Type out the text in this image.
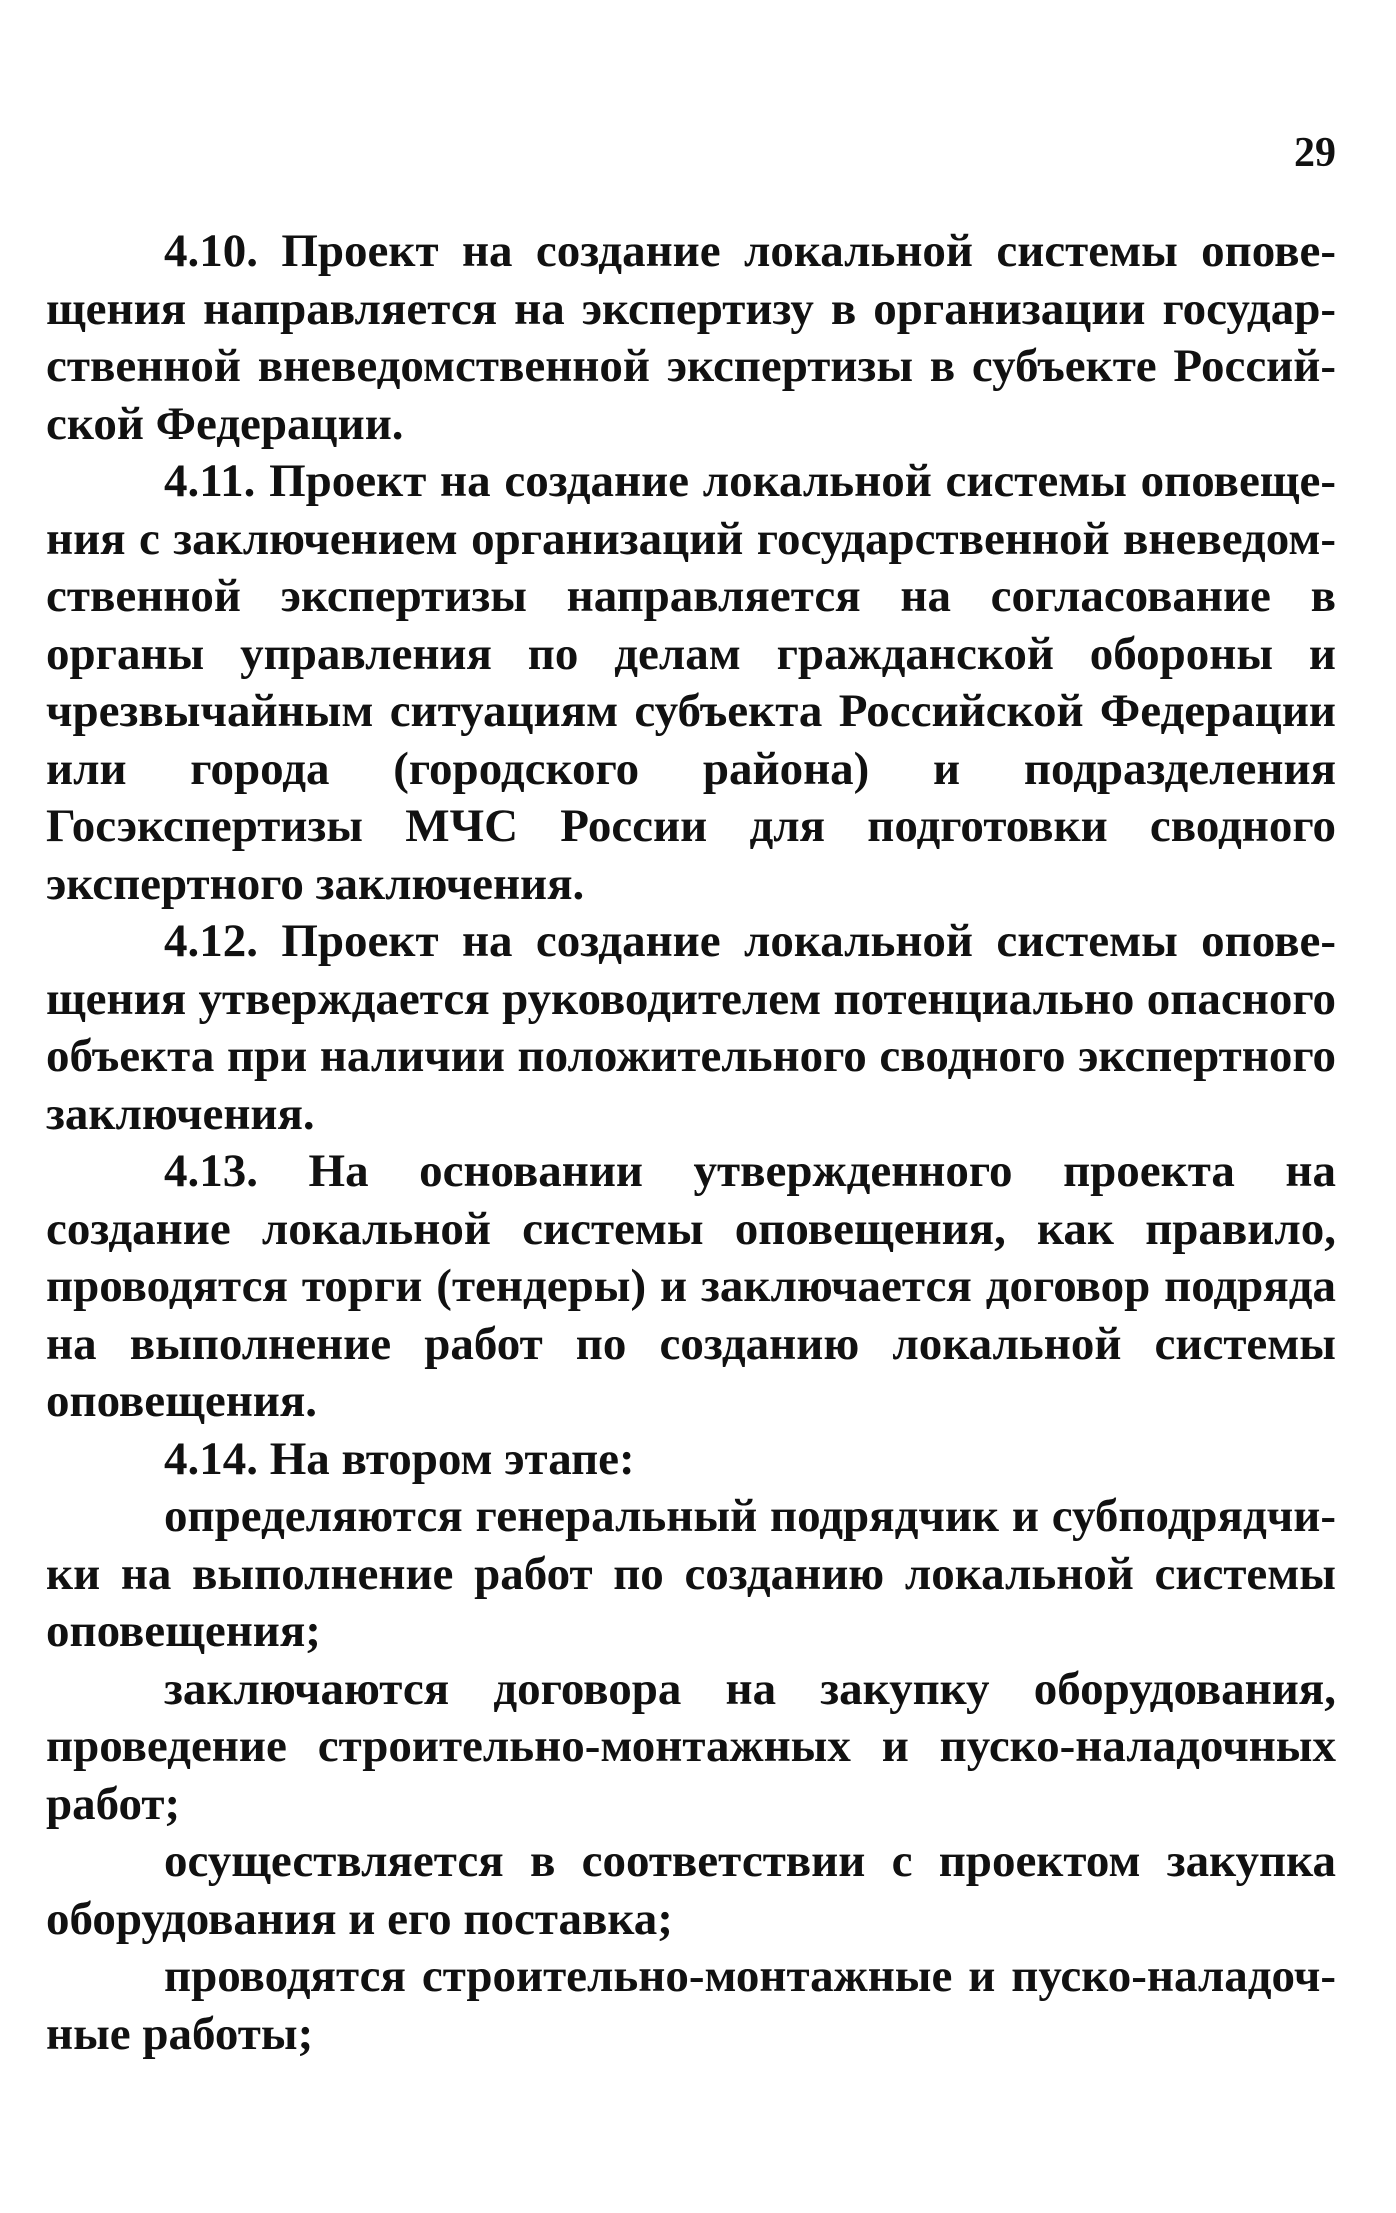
29

4.10. Проект на создание локальной системы оповещения направляется на экспертизу в организации государственной вневедомственной экспертизы в субъекте Российской Федерации.

4.11. Проект на создание локальной системы оповещения с заключением организаций государственной вневедомственной экспертизы направляется на согласование в органы управления по делам гражданской обороны и чрезвычайным ситуациям субъекта Российской Федерации или города (городского района) и подразделения Госэкспертизы МЧС России для подготовки сводного экспертного заключения.

4.12. Проект на создание локальной системы оповещения утверждается руководителем потенциально опасного объекта при наличии положительного сводного экспертного заключения.

4.13. На основании утвержденного проекта на создание локальной системы оповещения, как правило, проводятся торги (тендеры) и заключается договор подряда на выполнение работ по созданию локальной системы оповещения.

4.14. На втором этапе:

определяются генеральный подрядчик и субподрядчики на выполнение работ по созданию локальной системы оповещения;

заключаются договора на закупку оборудования, проведение строительно-монтажных и пуско-наладочных работ;

осуществляется в соответствии с проектом закупка оборудования и его поставка;

проводятся строительно-монтажные и пуско-наладочные работы;
